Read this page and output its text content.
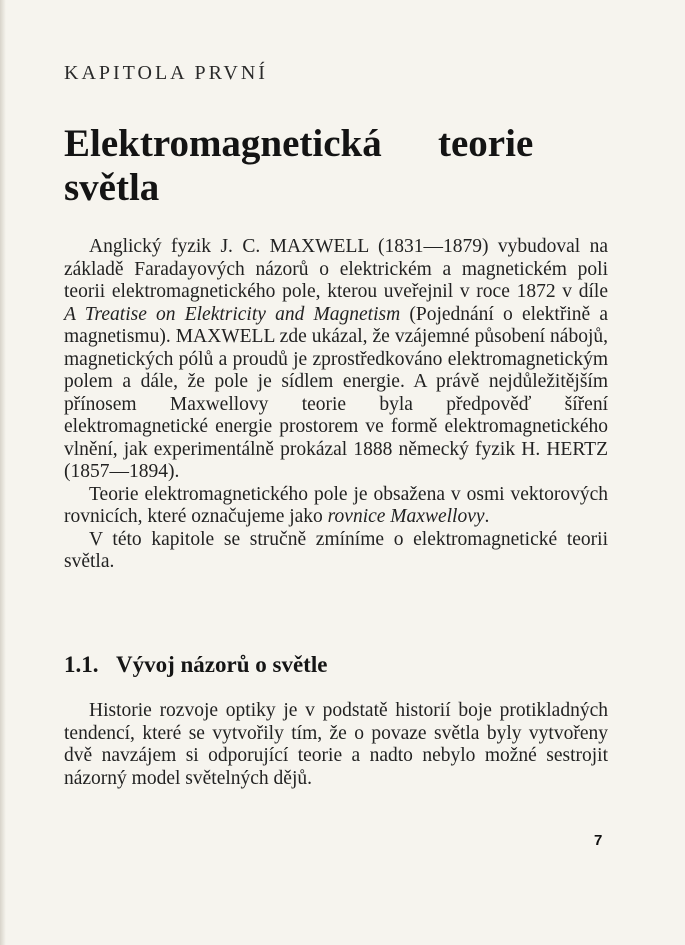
KAPITOLA PRVNÍ
Elektromagnetická teorie
světla

Anglický fyzik J. C. MAXWELL (1831—1879) vybudoval na základě Faradayových názorů o elektrickém a magnetickém poli teorii elektromagnetického pole, kterou uveřejnil v roce 1872 v díle A Treatise on Elektricity and Magnetism (Pojednání o elektřině a magnetismu). MAXWELL zde ukázal, že vzájemné působení nábojů, magnetických pólů a proudů je zprostředkováno elektromagnetickým polem a dále, že pole je sídlem energie. A právě nejdůležitějším přínosem Maxwellovy teorie byla předpověď šíření elektromagnetické energie prostorem ve formě elektromagnetického vlnění, jak experimentálně prokázal 1888 německý fyzik H. HERTZ (1857—1894).

Teorie elektromagnetického pole je obsažena v osmi vektorových rovnicích, které označujeme jako rovnice Maxwellovy.

V této kapitole se stručně zmíníme o elektromagnetické teorii světla.

1.1. Vývoj názorů o světle

Historie rozvoje optiky je v podstatě historií boje protikladných tendencí, které se vytvořily tím, že o povaze světla byly vytvořeny dvě navzájem si odporující teorie a nadto nebylo možné sestrojit názorný model světelných dějů.

7
